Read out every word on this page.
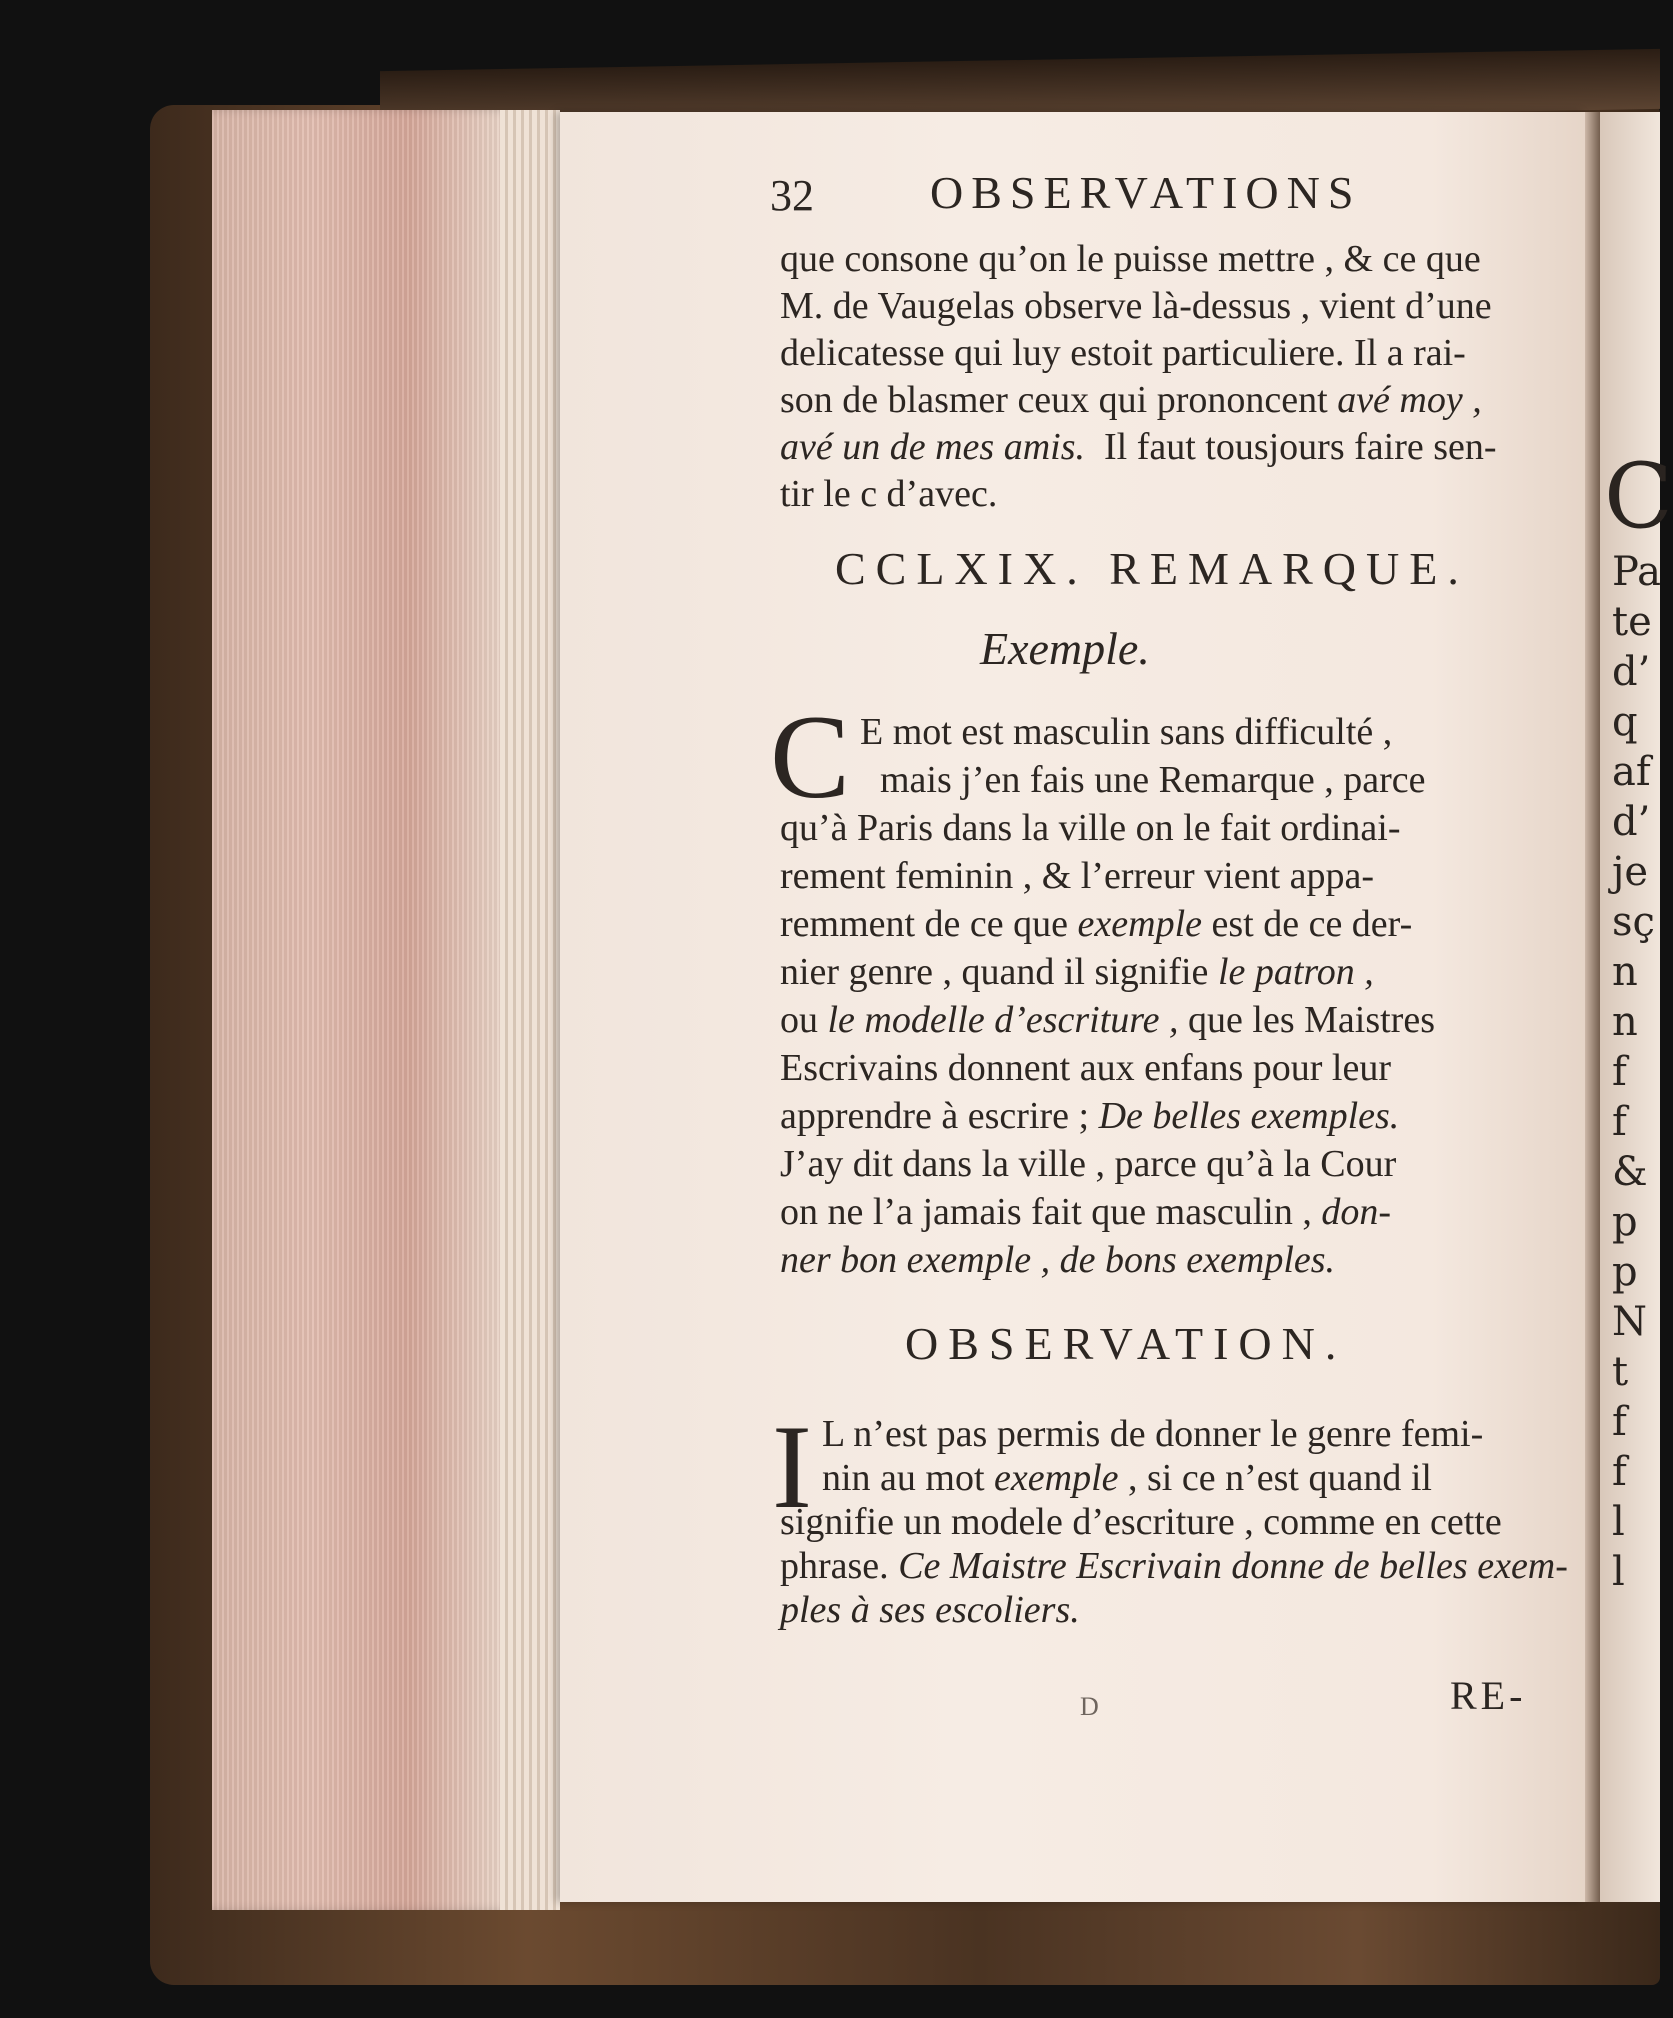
32	OBSERVATIONS
que consone qu’on le puisse mettre , & ce que
M. de Vaugelas observe là-dessus , vient d’une
delicatesse qui luy estoit particuliere. Il a rai-
son de blasmer ceux qui prononcent avé moy ,
avé un de mes amis. Il faut tousjours faire sen-
tir le c d’avec.
CCLXIX. REMARQUE.
Exemple.
C E mot est masculin sans difficulté ,
mais j’en fais une Remarque , parce
qu’à Paris dans la ville on le fait ordinai-
rement feminin , & l’erreur vient appa-
remment de ce que exemple est de ce der-
nier genre , quand il signifie le patron ,
ou le modelle d’escriture , que les Maistres
Escrivains donnent aux enfans pour leur
apprendre à escrire ; De belles exemples.
J’ay dit dans la ville , parce qu’à la Cour
on ne l’a jamais fait que masculin , don-
ner bon exemple , de bons exemples.
OBSERVATION.
I L n’est pas permis de donner le genre femi-
nin au mot exemple , si ce n’est quand il
signifie un modele d’escriture , comme en cette
phrase. Ce Maistre Escrivain donne de belles exem-
ples à ses escoliers.
RE-
D
C
Pa
te
d’
q
af
d’
je
sç
n
n
f
f
&
p
p
N
t
f
f
l
l
